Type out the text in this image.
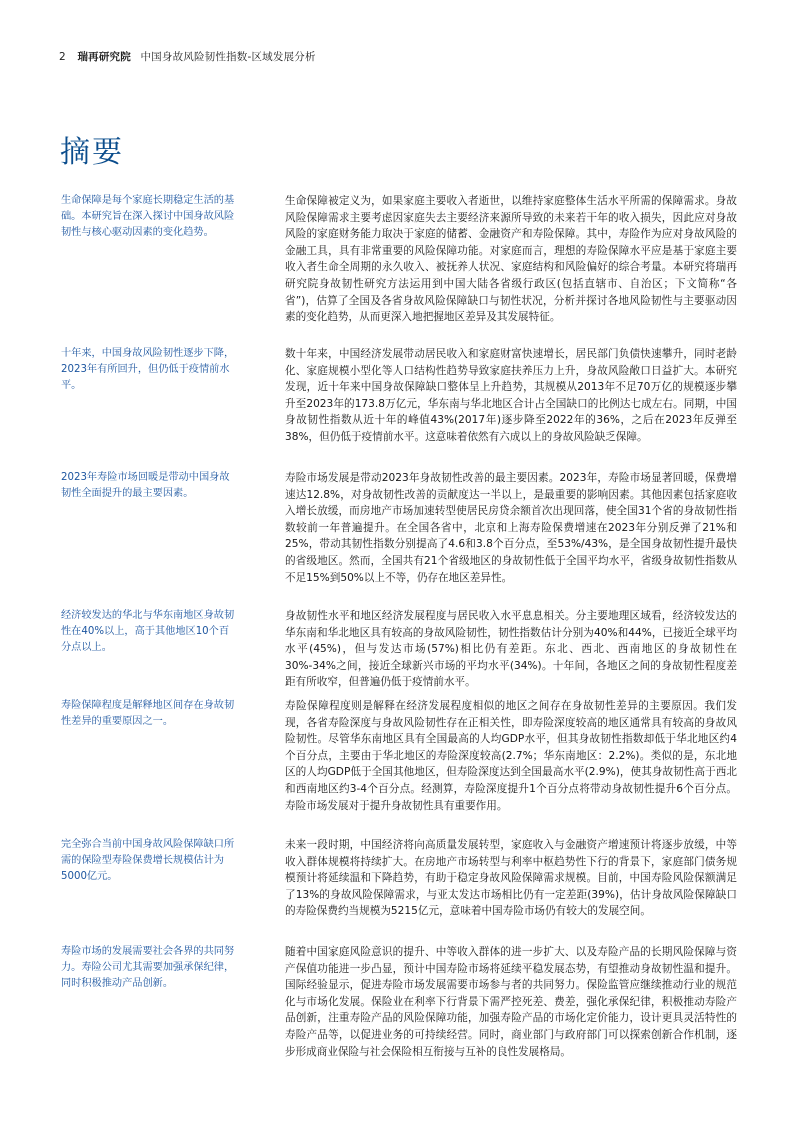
2 瑞再研究院 中国身故风险韧性指数-区域发展分析
摘要

生命保障是每个家庭长期稳定生活的基础。本研究旨在深入探讨中国身故风险韧性与核心驱动因素的变化趋势。

生命保障被定义为，如果家庭主要收入者逝世，以维持家庭整体生活水平所需的保障需求。身故风险保障需求主要考虑因家庭失去主要经济来源所导致的未来若干年的收入损失，因此应对身故风险的家庭财务能力取决于家庭的储蓄、金融资产和寿险保障。其中，寿险作为应对身故风险的金融工具，具有非常重要的风险保障功能。对家庭而言，理想的寿险保障水平应是基于家庭主要收入者生命全周期的永久收入、被抚养人状况、家庭结构和风险偏好的综合考量。本研究将瑞再研究院身故韧性研究方法运用到中国大陆各省级行政区(包括直辖市、自治区；下文简称“各省”)，估算了全国及各省身故风险保障缺口与韧性状况，分析并探讨各地风险韧性与主要驱动因素的变化趋势，从而更深入地把握地区差异及其发展特征。

十年来，中国身故风险韧性逐步下降，2023年有所回升，但仍低于疫情前水平。

数十年来，中国经济发展带动居民收入和家庭财富快速增长，居民部门负债快速攀升，同时老龄化、家庭规模小型化等人口结构性趋势导致家庭扶养压力上升，身故风险敞口日益扩大。本研究发现，近十年来中国身故保障缺口整体呈上升趋势，其规模从2013年不足70万亿的规模逐步攀升至2023年的173.8万亿元，华东南与华北地区合计占全国缺口的比例达七成左右。同期，中国身故韧性指数从近十年的峰值43%(2017年)逐步降至2022年的36%，之后在2023年反弹至38%，但仍低于疫情前水平。这意味着依然有六成以上的身故风险缺乏保障。

2023年寿险市场回暖是带动中国身故韧性全面提升的最主要因素。

寿险市场发展是带动2023年身故韧性改善的最主要因素。2023年，寿险市场显著回暖，保费增速达12.8%，对身故韧性改善的贡献度达一半以上，是最重要的影响因素。其他因素包括家庭收入增长放缓，而房地产市场加速转型使居民房贷余额首次出现回落，使全国31个省的身故韧性指数较前一年普遍提升。在全国各省中，北京和上海寿险保费增速在2023年分别反弹了21%和25%，带动其韧性指数分别提高了4.6和3.8个百分点，至53%/43%，是全国身故韧性提升最快的省级地区。然而，全国共有21个省级地区的身故韧性低于全国平均水平，省级身故韧性指数从不足15%到50%以上不等，仍存在地区差异性。

经济较发达的华北与华东南地区身故韧性在40%以上，高于其他地区10个百分点以上。

身故韧性水平和地区经济发展程度与居民收入水平息息相关。分主要地理区域看，经济较发达的华东南和华北地区具有较高的身故风险韧性，韧性指数估计分别为40%和44%，已接近全球平均水平(45%)，但与发达市场(57%)相比仍有差距。东北、西北、西南地区的身故韧性在30%-34%之间，接近全球新兴市场的平均水平(34%)。十年间，各地区之间的身故韧性程度差距有所收窄，但普遍仍低于疫情前水平。

寿险保障程度是解释地区间存在身故韧性差异的重要原因之一。

寿险保障程度则是解释在经济发展程度相似的地区之间存在身故韧性差异的主要原因。我们发现，各省寿险深度与身故风险韧性存在正相关性，即寿险深度较高的地区通常具有较高的身故风险韧性。尽管华东南地区具有全国最高的人均GDP水平，但其身故韧性指数却低于华北地区约4个百分点，主要由于华北地区的寿险深度较高(2.7%；华东南地区：2.2%)。类似的是，东北地区的人均GDP低于全国其他地区，但寿险深度达到全国最高水平(2.9%)，使其身故韧性高于西北和西南地区约3-4个百分点。经测算，寿险深度提升1个百分点将带动身故韧性提升6个百分点。寿险市场发展对于提升身故韧性具有重要作用。

完全弥合当前中国身故风险保障缺口所需的保险型寿险保费增长规模估计为5000亿元。

未来一段时期，中国经济将向高质量发展转型，家庭收入与金融资产增速预计将逐步放缓，中等收入群体规模将持续扩大。在房地产市场转型与利率中枢趋势性下行的背景下，家庭部门债务规模预计将延续温和下降趋势，有助于稳定身故风险保障需求规模。目前，中国寿险风险保额满足了13%的身故风险保障需求，与亚太发达市场相比仍有一定差距(39%)，估计身故风险保障缺口的寿险保费约当规模为5215亿元，意味着中国寿险市场仍有较大的发展空间。

寿险市场的发展需要社会各界的共同努力。寿险公司尤其需要加强承保纪律，同时积极推动产品创新。

随着中国家庭风险意识的提升、中等收入群体的进一步扩大、以及寿险产品的长期风险保障与资产保值功能进一步凸显，预计中国寿险市场将延续平稳发展态势，有望推动身故韧性温和提升。国际经验显示，促进寿险市场发展需要市场参与者的共同努力。保险监管应继续推动行业的规范化与市场化发展。保险业在利率下行背景下需严控死差、费差，强化承保纪律，积极推动寿险产品创新，注重寿险产品的风险保障功能，加强寿险产品的市场化定价能力，设计更具灵活特性的寿险产品等，以促进业务的可持续经营。同时，商业部门与政府部门可以探索创新合作机制，逐步形成商业保险与社会保险相互衔接与互补的良性发展格局。
